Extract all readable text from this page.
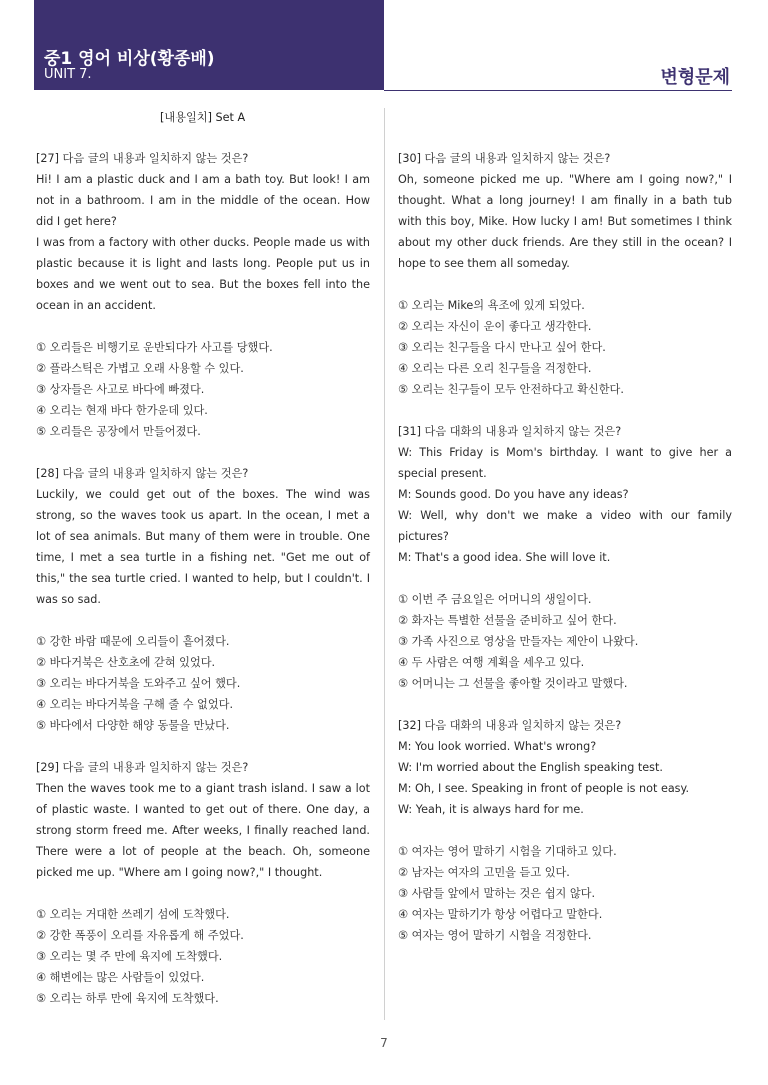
중1 영어 비상(황종배)
UNIT 7.	변형문제
[내용일치] Set A
[27] 다음 글의 내용과 일치하지 않는 것은?

Hi! I am a plastic duck and I am a bath toy. But look! I am not in a bathroom. I am in the middle of the ocean. How did I get here?

I was from a factory with other ducks. People made us with plastic because it is light and lasts long. People put us in boxes and we went out to sea. But the boxes fell into the ocean in an accident.

① 오리들은 비행기로 운반되다가 사고를 당했다.
② 플라스틱은 가볍고 오래 사용할 수 있다.
③ 상자들은 사고로 바다에 빠졌다.
④ 오리는 현재 바다 한가운데 있다.
⑤ 오리들은 공장에서 만들어졌다.
[28] 다음 글의 내용과 일치하지 않는 것은?

Luckily, we could get out of the boxes. The wind was strong, so the waves took us apart. In the ocean, I met a lot of sea animals. But many of them were in trouble. One time, I met a sea turtle in a fishing net. "Get me out of this," the sea turtle cried. I wanted to help, but I couldn't. I was so sad.

① 강한 바람 때문에 오리들이 흩어졌다.
② 바다거북은 산호초에 갇혀 있었다.
③ 오리는 바다거북을 도와주고 싶어 했다.
④ 오리는 바다거북을 구해 줄 수 없었다.
⑤ 바다에서 다양한 해양 동물을 만났다.
[29] 다음 글의 내용과 일치하지 않는 것은?

Then the waves took me to a giant trash island. I saw a lot of plastic waste. I wanted to get out of there. One day, a strong storm freed me. After weeks, I finally reached land. There were a lot of people at the beach. Oh, someone picked me up. "Where am I going now?," I thought.

① 오리는 거대한 쓰레기 섬에 도착했다.
② 강한 폭풍이 오리를 자유롭게 해 주었다.
③ 오리는 몇 주 만에 육지에 도착했다.
④ 해변에는 많은 사람들이 있었다.
⑤ 오리는 하루 만에 육지에 도착했다.
[30] 다음 글의 내용과 일치하지 않는 것은?

Oh, someone picked me up. "Where am I going now?," I thought. What a long journey! I am finally in a bath tub with this boy, Mike. How lucky I am! But sometimes I think about my other duck friends. Are they still in the ocean? I hope to see them all someday.

① 오리는 Mike의 욕조에 있게 되었다.
② 오리는 자신이 운이 좋다고 생각한다.
③ 오리는 친구들을 다시 만나고 싶어 한다.
④ 오리는 다른 오리 친구들을 걱정한다.
⑤ 오리는 친구들이 모두 안전하다고 확신한다.
[31] 다음 대화의 내용과 일치하지 않는 것은?

W: This Friday is Mom's birthday. I want to give her a special present.

M: Sounds good. Do you have any ideas?

W: Well, why don't we make a video with our family pictures?

M: That's a good idea. She will love it.

① 이번 주 금요일은 어머니의 생일이다.
② 화자는 특별한 선물을 준비하고 싶어 한다.
③ 가족 사진으로 영상을 만들자는 제안이 나왔다.
④ 두 사람은 여행 계획을 세우고 있다.
⑤ 어머니는 그 선물을 좋아할 것이라고 말했다.
[32] 다음 대화의 내용과 일치하지 않는 것은?

M: You look worried. What's wrong?

W: I'm worried about the English speaking test.

M: Oh, I see. Speaking in front of people is not easy.

W: Yeah, it is always hard for me.

① 여자는 영어 말하기 시험을 기대하고 있다.
② 남자는 여자의 고민을 듣고 있다.
③ 사람들 앞에서 말하는 것은 쉽지 않다.
④ 여자는 말하기가 항상 어렵다고 말한다.
⑤ 여자는 영어 말하기 시험을 걱정한다.
7
